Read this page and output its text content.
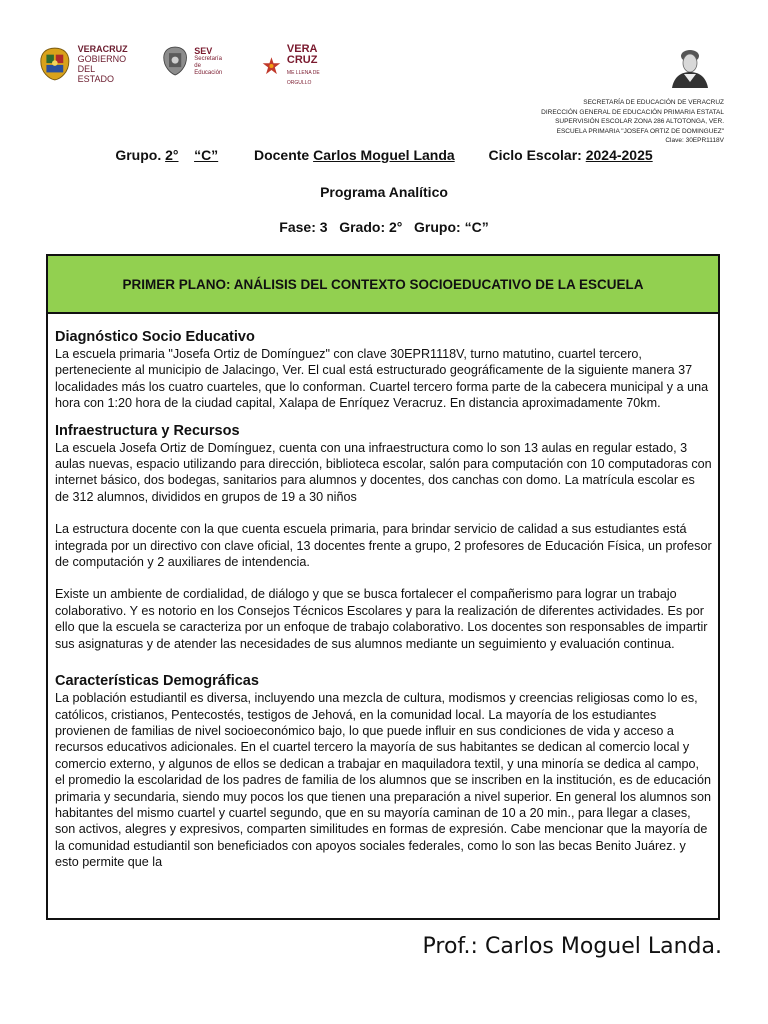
VERACRUZ
GOBIERNO
DEL ESTADO
SEV
Secretaría
de Educación
VERA
CRUZ
ME LLENA DE ORGULLO
SECRETARÍA DE EDUCACIÓN DE VERACRUZ
DIRECCIÓN GENERAL DE EDUCACIÓN PRIMARIA ESTATAL
SUPERVISIÓN ESCOLAR ZONA 286 ALTOTONGA, VER.
ESCUELA PRIMARIA "JOSEFA ORTIZ DE DOMINGUEZ"
Clave: 30EPR1118V
Grupo. 2° “C”	Docente Carlos Moguel Landa Ciclo Escolar: 2024-2025
Programa Analítico
Fase: 3   Grado: 2°   Grupo: “C”
PRIMER PLANO: ANÁLISIS DEL CONTEXTO SOCIOEDUCATIVO DE LA ESCUELA
Diagnóstico Socio Educativo

La escuela primaria "Josefa Ortiz de Domínguez" con clave 30EPR1118V, turno matutino, cuartel tercero, perteneciente al municipio de Jalacingo, Ver. El cual está estructurado geográficamente de la siguiente manera 37 localidades más los cuatro cuarteles, que lo conforman. Cuartel tercero forma parte de la cabecera municipal y a una hora con 1:20 hora de la ciudad capital, Xalapa de Enríquez Veracruz. En distancia aproximadamente 70km.

Infraestructura y Recursos

La escuela Josefa Ortiz de Domínguez, cuenta con una infraestructura como lo son 13 aulas en regular estado, 3 aulas nuevas, espacio utilizando para dirección, biblioteca escolar, salón para computación con 10 computadoras con internet básico, dos bodegas, sanitarios para alumnos y docentes, dos canchas con domo. La matrícula escolar es de 312 alumnos, divididos en grupos de 19 a 30 niños

La estructura docente con la que cuenta escuela primaria, para brindar servicio de calidad a sus estudiantes está integrada por un directivo con clave oficial, 13 docentes frente a grupo, 2 profesores de Educación Física, un profesor de computación y 2 auxiliares de intendencia.

Existe un ambiente de cordialidad, de diálogo y que se busca fortalecer el compañerismo para lograr un trabajo colaborativo. Y es notorio en los Consejos Técnicos Escolares y para la realización de diferentes actividades. Es por ello que la escuela se caracteriza por un enfoque de trabajo colaborativo. Los docentes son responsables de impartir sus asignaturas y de atender las necesidades de sus alumnos mediante un seguimiento y evaluación continua.

Características Demográficas

La población estudiantil es diversa, incluyendo una mezcla de cultura, modismos y creencias religiosas como lo es, católicos, cristianos, Pentecostés, testigos de Jehová, en la comunidad local. La mayoría de los estudiantes provienen de familias de nivel socioeconómico bajo, lo que puede influir en sus condiciones de vida y acceso a recursos educativos adicionales. En el cuartel tercero la mayoría de sus habitantes se dedican al comercio local y comercio externo, y algunos de ellos se dedican a trabajar en maquiladora textil, y una minoría se dedica al campo, el promedio la escolaridad de los padres de familia de los alumnos que se inscriben en la institución, es de educación primaria y secundaria, siendo muy pocos los que tienen una preparación a nivel superior. En general los alumnos son habitantes del mismo cuartel y cuartel segundo, que en su mayoría caminan de 10 a 20 min., para llegar a clases, son activos, alegres y expresivos, comparten similitudes en formas de expresión. Cabe mencionar que la mayoría de la comunidad estudiantil son beneficiados con apoyos sociales federales, como lo son las becas Benito Juárez. y esto permite que la

Prof.: Carlos Moguel Landa.
